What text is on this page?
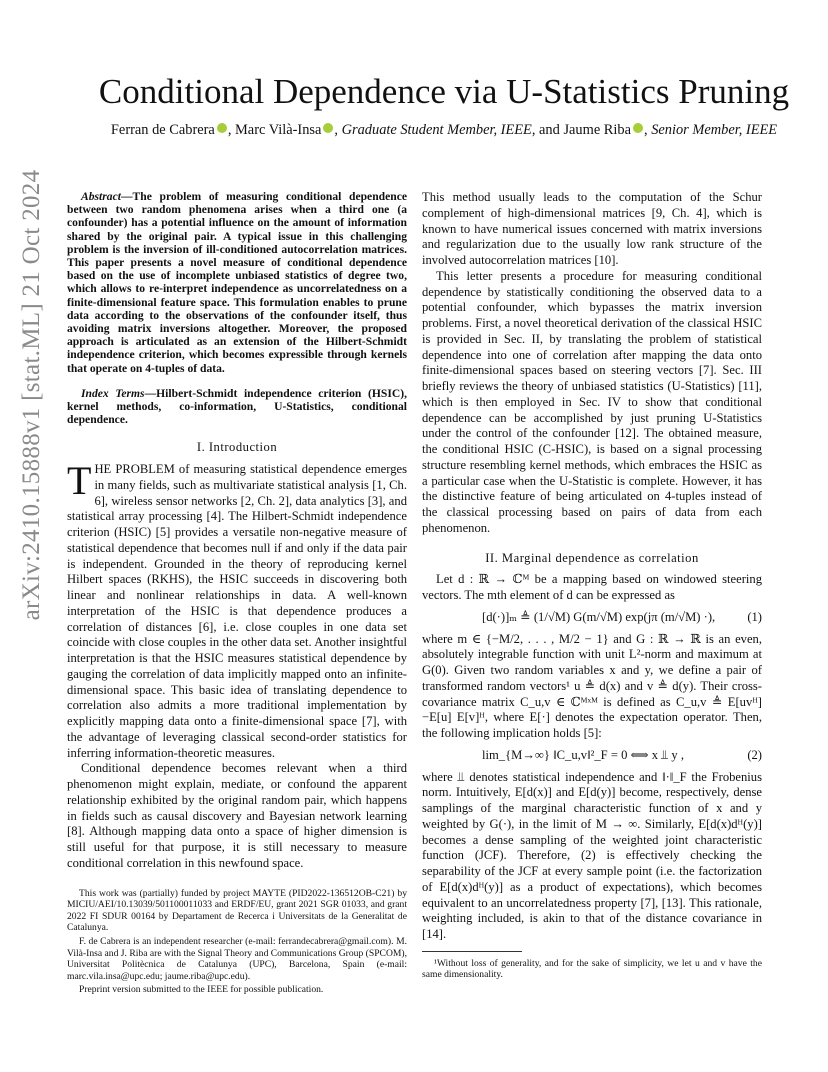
arXiv:2410.15888v1 [stat.ML] 21 Oct 2024
Conditional Dependence via U-Statistics Pruning
Ferran de Cabrera , Marc Vilà-Insa , Graduate Student Member, IEEE, and Jaume Riba , Senior Member, IEEE

Abstract—The problem of measuring conditional dependence between two random phenomena arises when a third one (a confounder) has a potential influence on the amount of information shared by the original pair. A typical issue in this challenging problem is the inversion of ill-conditioned autocorrelation matrices. This paper presents a novel measure of conditional dependence based on the use of incomplete unbiased statistics of degree two, which allows to re-interpret independence as uncorrelatedness on a finite-dimensional feature space. This formulation enables to prune data according to the observations of the confounder itself, thus avoiding matrix inversions altogether. Moreover, the proposed approach is articulated as an extension of the Hilbert-Schmidt independence criterion, which becomes expressible through kernels that operate on 4-tuples of data.

Index Terms—Hilbert-Schmidt independence criterion (HSIC), kernel methods, co-information, U-Statistics, conditional dependence.

I. Introduction

THE PROBLEM of measuring statistical dependence emerges in many fields, such as multivariate statistical analysis [1, Ch. 6], wireless sensor networks [2, Ch. 2], data analytics [3], and statistical array processing [4]. The Hilbert-Schmidt independence criterion (HSIC) [5] provides a versatile non-negative measure of statistical dependence that becomes null if and only if the data pair is independent. Grounded in the theory of reproducing kernel Hilbert spaces (RKHS), the HSIC succeeds in discovering both linear and nonlinear relationships in data. A well-known interpretation of the HSIC is that dependence produces a correlation of distances [6], i.e. close couples in one data set coincide with close couples in the other data set. Another insightful interpretation is that the HSIC measures statistical dependence by gauging the correlation of data implicitly mapped onto an infinite-dimensional space. This basic idea of translating dependence to correlation also admits a more traditional implementation by explicitly mapping data onto a finite-dimensional space [7], with the advantage of leveraging classical second-order statistics for inferring information-theoretic measures.

Conditional dependence becomes relevant when a third phenomenon might explain, mediate, or confound the apparent relationship exhibited by the original random pair, which happens in fields such as causal discovery and Bayesian network learning [8]. Although mapping data onto a space of higher dimension is still useful for that purpose, it is still necessary to measure conditional correlation in this newfound space.

This work was (partially) funded by project MAYTE (PID2022-136512OB-C21) by MICIU/AEI/10.13039/501100011033 and ERDF/EU, grant 2021 SGR 01033, and grant 2022 FI SDUR 00164 by Departament de Recerca i Universitats de la Generalitat de Catalunya.

F. de Cabrera is an independent researcher (e-mail: ferrandecabrera@gmail.com). M. Vilà-Insa and J. Riba are with the Signal Theory and Communications Group (SPCOM), Universitat Politècnica de Catalunya (UPC), Barcelona, Spain (e-mail: marc.vila.insa@upc.edu; jaume.riba@upc.edu).

Preprint version submitted to the IEEE for possible publication.

This method usually leads to the computation of the Schur complement of high-dimensional matrices [9, Ch. 4], which is known to have numerical issues concerned with matrix inversions and regularization due to the usually low rank structure of the involved autocorrelation matrices [10].

This letter presents a procedure for measuring conditional dependence by statistically conditioning the observed data to a potential confounder, which bypasses the matrix inversion problems. First, a novel theoretical derivation of the classical HSIC is provided in Sec. II, by translating the problem of statistical dependence into one of correlation after mapping the data onto finite-dimensional spaces based on steering vectors [7]. Sec. III briefly reviews the theory of unbiased statistics (U-Statistics) [11], which is then employed in Sec. IV to show that conditional dependence can be accomplished by just pruning U-Statistics under the control of the confounder [12]. The obtained measure, the conditional HSIC (C-HSIC), is based on a signal processing structure resembling kernel methods, which embraces the HSIC as a particular case when the U-Statistic is complete. However, it has the distinctive feature of being articulated on 4-tuples instead of the classical processing based on pairs of data from each phenomenon.

II. Marginal dependence as correlation

Let d : ℝ → ℂᴹ be a mapping based on windowed steering vectors. The mth element of d can be expressed as

[d(·)]ₘ ≜ (1/√M) G(m/√M) exp(jπ (m/√M) ·),	(1)

where m ∈ {−M/2, . . . , M/2 − 1} and G : ℝ → ℝ is an even, absolutely integrable function with unit L²-norm and maximum at G(0). Given two random variables x and y, we define a pair of transformed random vectors¹ u ≜ d(x) and v ≜ d(y). Their cross-covariance matrix C_u,v ∈ ℂᴹˣᴹ is defined as C_u,v ≜ E[uvᴴ]−E[u] E[v]ᴴ, where E[·] denotes the expectation operator. Then, the following implication holds [5]:

lim_{M→∞} ‖C_u,v‖²_F = 0 ⟺ x ⫫ y ,	(2)

where ⫫ denotes statistical independence and ‖·‖_F the Frobenius norm. Intuitively, E[d(x)] and E[d(y)] become, respectively, dense samplings of the marginal characteristic function of x and y weighted by G(·), in the limit of M → ∞. Similarly, E[d(x)dᴴ(y)] becomes a dense sampling of the weighted joint characteristic function (JCF). Therefore, (2) is effectively checking the separability of the JCF at every sample point (i.e. the factorization of E[d(x)dᴴ(y)] as a product of expectations), which becomes equivalent to an uncorrelatedness property [7], [13]. This rationale, weighting included, is akin to that of the distance covariance in [14].

¹Without loss of generality, and for the sake of simplicity, we let u and v have the same dimensionality.
